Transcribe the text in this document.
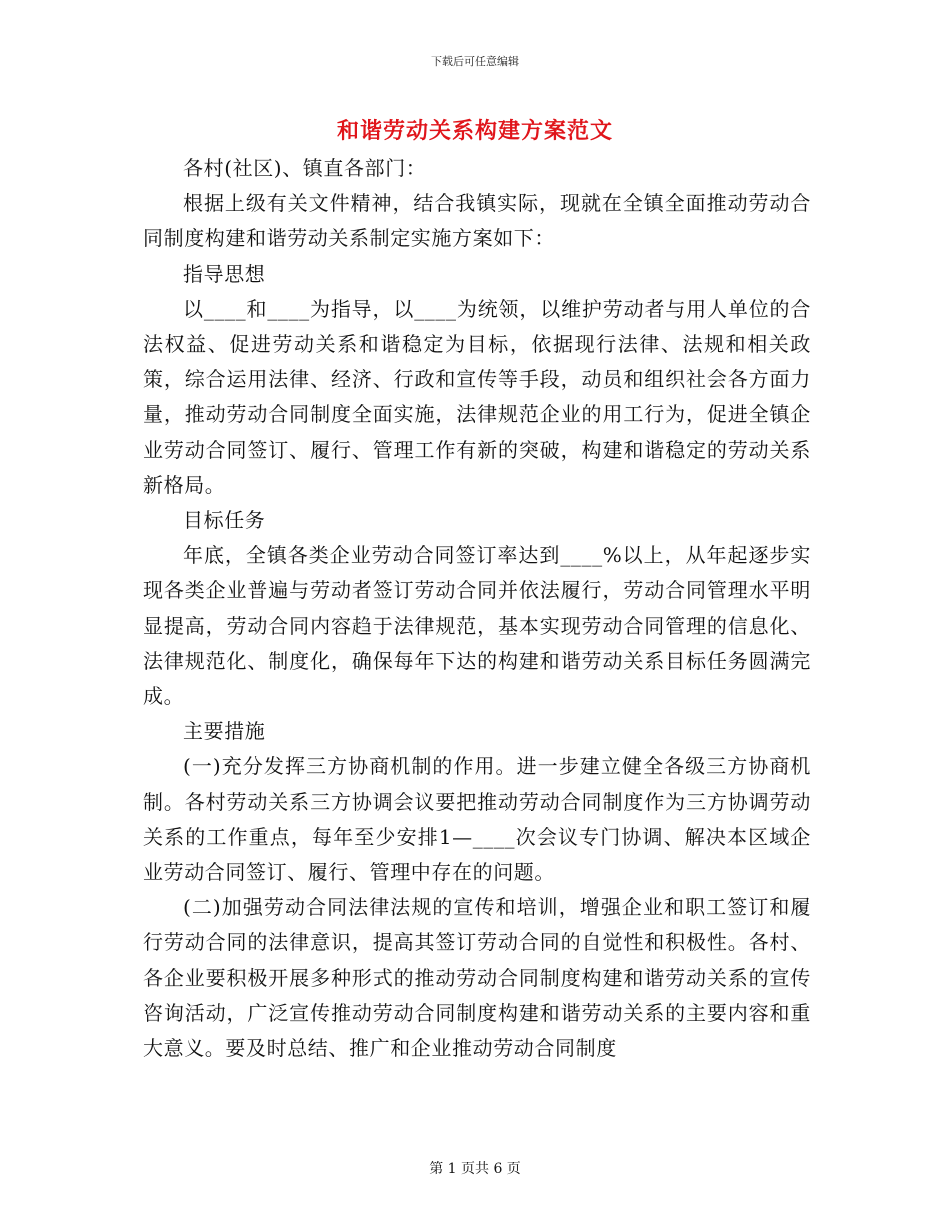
下载后可任意编辑
和谐劳动关系构建方案范文

各村(社区)、镇直各部门：

根据上级有关文件精神，结合我镇实际，现就在全镇全面推动劳动合同制度构建和谐劳动关系制定实施方案如下：

指导思想

以____和____为指导，以____为统领，以维护劳动者与用人单位的合法权益、促进劳动关系和谐稳定为目标，依据现行法律、法规和相关政策，综合运用法律、经济、行政和宣传等手段，动员和组织社会各方面力量，推动劳动合同制度全面实施，法律规范企业的用工行为，促进全镇企业劳动合同签订、履行、管理工作有新的突破，构建和谐稳定的劳动关系新格局。

目标任务

年底，全镇各类企业劳动合同签订率达到____%以上，从年起逐步实现各类企业普遍与劳动者签订劳动合同并依法履行，劳动合同管理水平明显提高，劳动合同内容趋于法律规范，基本实现劳动合同管理的信息化、法律规范化、制度化，确保每年下达的构建和谐劳动关系目标任务圆满完成。

主要措施

(一)充分发挥三方协商机制的作用。进一步建立健全各级三方协商机制。各村劳动关系三方协调会议要把推动劳动合同制度作为三方协调劳动关系的工作重点，每年至少安排1—____次会议专门协调、解决本区域企业劳动合同签订、履行、管理中存在的问题。

(二)加强劳动合同法律法规的宣传和培训，增强企业和职工签订和履行劳动合同的法律意识，提高其签订劳动合同的自觉性和积极性。各村、各企业要积极开展多种形式的推动劳动合同制度构建和谐劳动关系的宣传咨询活动，广泛宣传推动劳动合同制度构建和谐劳动关系的主要内容和重大意义。要及时总结、推广和企业推动劳动合同制度

第 1 页共 6 页
